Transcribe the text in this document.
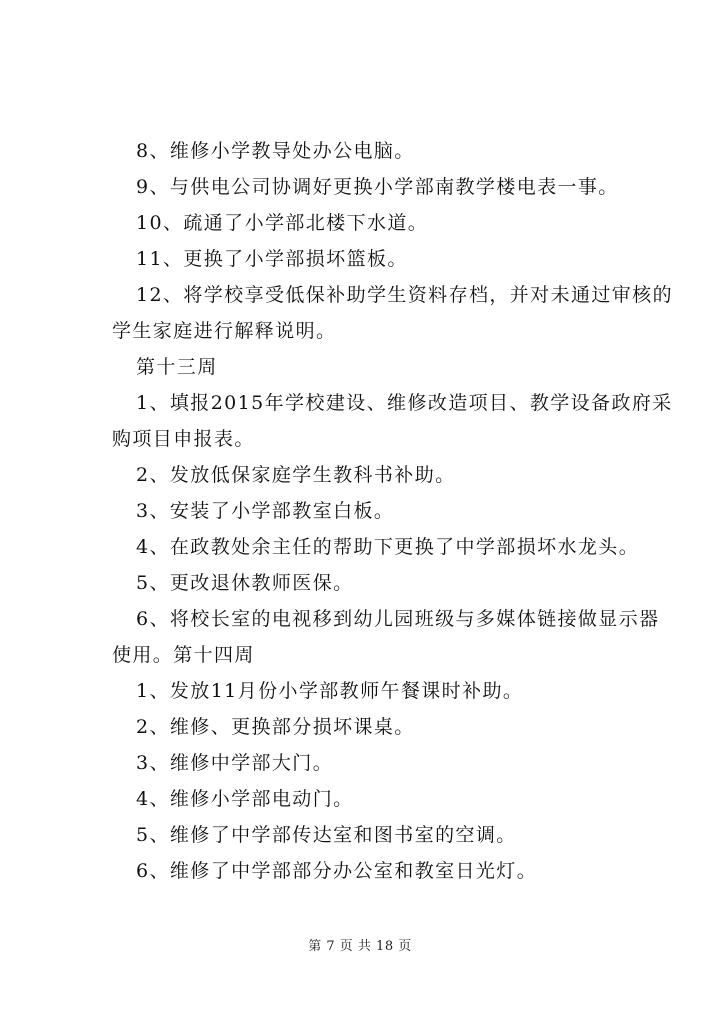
8、维修小学教导处办公电脑。
9、与供电公司协调好更换小学部南教学楼电表一事。
10、疏通了小学部北楼下水道。
11、更换了小学部损坏篮板。
12、将学校享受低保补助学生资料存档，并对未通过审核的
学生家庭进行解释说明。
第十三周
1、填报2015年学校建设、维修改造项目、教学设备政府采
购项目申报表。
2、发放低保家庭学生教科书补助。
3、安装了小学部教室白板。
4、在政教处余主任的帮助下更换了中学部损坏水龙头。
5、更改退休教师医保。
6、将校长室的电视移到幼儿园班级与多媒体链接做显示器
使用。第十四周
1、发放11月份小学部教师午餐课时补助。
2、维修、更换部分损坏课桌。
3、维修中学部大门。
4、维修小学部电动门。
5、维修了中学部传达室和图书室的空调。
6、维修了中学部部分办公室和教室日光灯。
第 7 页 共 18 页
